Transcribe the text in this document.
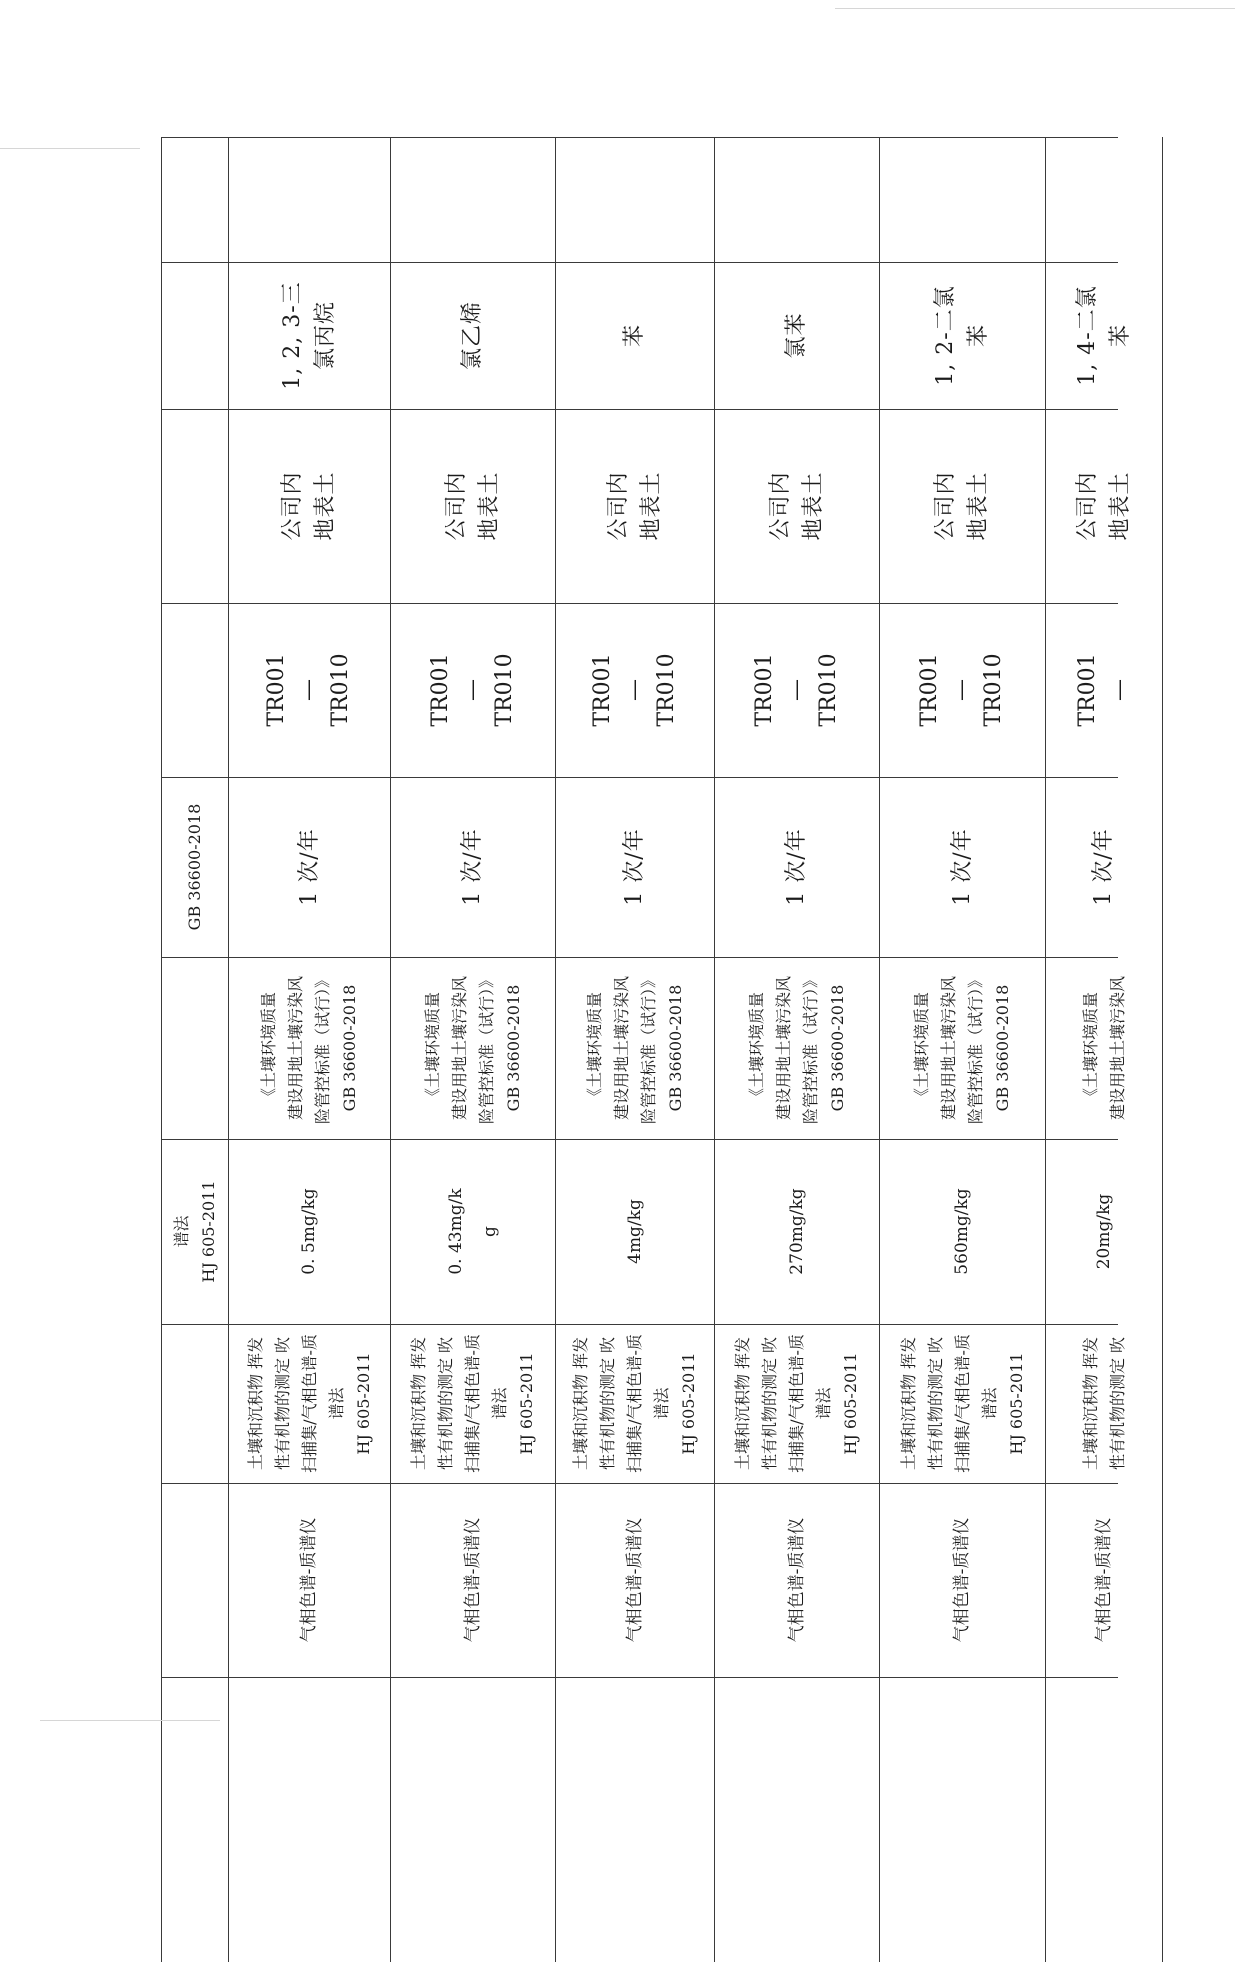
GB 36600-2018
谱法 HJ 605-2011
1, 2, 3-三 氯丙烷
公司内 地表土
TR001 — TR010
1 次/年
《土壤环境质量 建设用地土壤污染风 险管控标准（试行）》 GB 36600-2018
0. 5mg/kg
土壤和沉积物 挥发 性有机物的测定 吹 扫捕集/气相色谱-质 谱法 HJ 605-2011
气相色谱-质谱仪
氯乙烯
公司内 地表土
TR001 — TR010
1 次/年
《土壤环境质量 建设用地土壤污染风 险管控标准（试行）》 GB 36600-2018
0. 43mg/k g
土壤和沉积物 挥发 性有机物的测定 吹 扫捕集/气相色谱-质 谱法 HJ 605-2011
气相色谱-质谱仪
苯
公司内 地表土
TR001 — TR010
1 次/年
《土壤环境质量 建设用地土壤污染风 险管控标准（试行）》 GB 36600-2018
4mg/kg
土壤和沉积物 挥发 性有机物的测定 吹 扫捕集/气相色谱-质 谱法 HJ 605-2011
气相色谱-质谱仪
氯苯
公司内 地表土
TR001 — TR010
1 次/年
《土壤环境质量 建设用地土壤污染风 险管控标准（试行）》 GB 36600-2018
270mg/kg
土壤和沉积物 挥发 性有机物的测定 吹 扫捕集/气相色谱-质 谱法 HJ 605-2011
气相色谱-质谱仪
1, 2-二氯 苯
公司内 地表土
TR001 — TR010
1 次/年
《土壤环境质量 建设用地土壤污染风 险管控标准（试行）》 GB 36600-2018
560mg/kg
土壤和沉积物 挥发 性有机物的测定 吹 扫捕集/气相色谱-质 谱法 HJ 605-2011
气相色谱-质谱仪
1, 4-二氯 苯
公司内 地表土
TR001 —
1 次/年
《土壤环境质量 建设用地土壤污染风
20mg/kg
土壤和沉积物 挥发 性有机物的测定 吹
气相色谱-质谱仪
